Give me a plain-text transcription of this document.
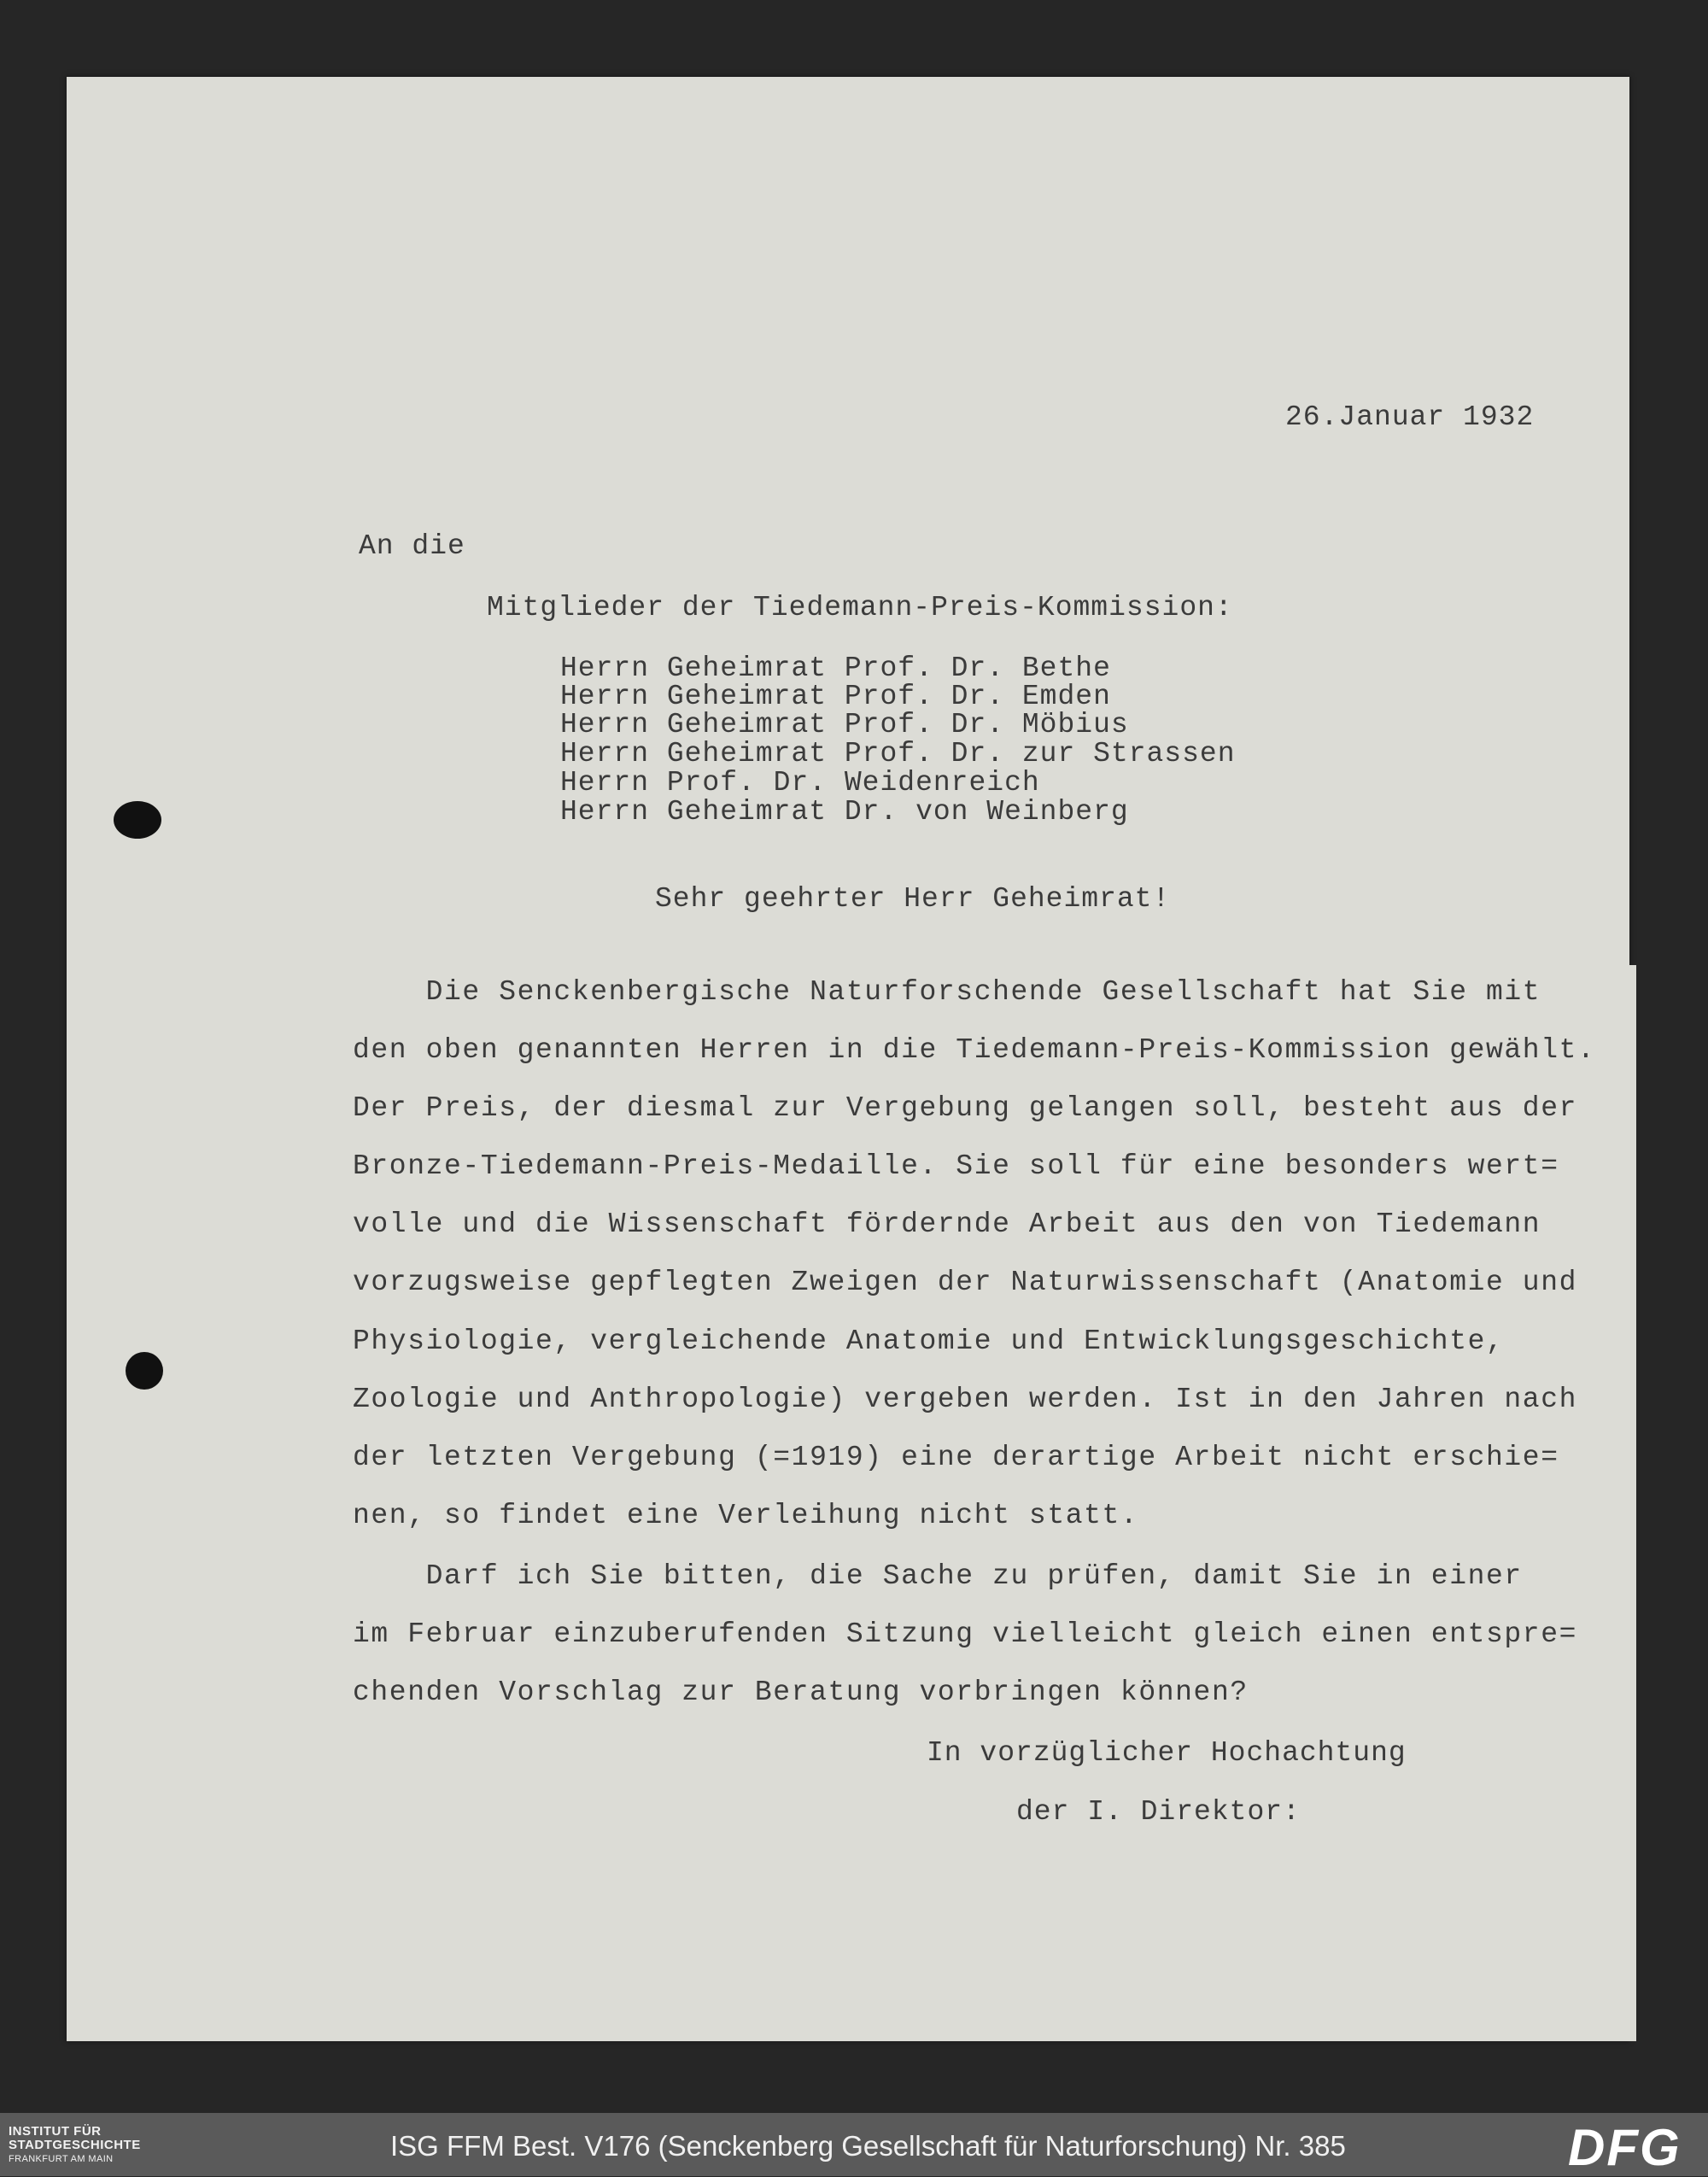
26.Januar 1932
An die
Mitglieder der Tiedemann-Preis-Kommission:
Herrn Geheimrat Prof. Dr. Bethe
Herrn Geheimrat Prof. Dr. Emden
Herrn Geheimrat Prof. Dr. Möbius
Herrn Geheimrat Prof. Dr. zur Strassen
Herrn Prof. Dr. Weidenreich
Herrn Geheimrat Dr. von Weinberg
Sehr geehrter Herr Geheimrat!
Die Senckenbergische Naturforschende Gesellschaft hat Sie mit
den oben genannten Herren in die Tiedemann-Preis-Kommission gewählt.
Der Preis, der diesmal zur Vergebung gelangen soll, besteht aus der
Bronze-Tiedemann-Preis-Medaille. Sie soll für eine besonders wert=
volle und die Wissenschaft fördernde Arbeit aus den von Tiedemann
vorzugsweise gepflegten Zweigen der Naturwissenschaft (Anatomie und
Physiologie, vergleichende Anatomie und Entwicklungsgeschichte,
Zoologie und Anthropologie) vergeben werden. Ist in den Jahren nach
der letzten Vergebung (=1919) eine derartige Arbeit nicht erschie=
nen, so findet eine Verleihung nicht statt.
Darf ich Sie bitten, die Sache zu prüfen, damit Sie in einer
im Februar einzuberufenden Sitzung vielleicht gleich einen entspre=
chenden Vorschlag zur Beratung vorbringen können?
In vorzüglicher Hochachtung
der I. Direktor:
INSTITUT FÜR
STADTGESCHICHTE
FRANKFURT AM MAIN	ISG FFM Best. V176 (Senckenberg Gesellschaft für Naturforschung) Nr. 385	DFG
